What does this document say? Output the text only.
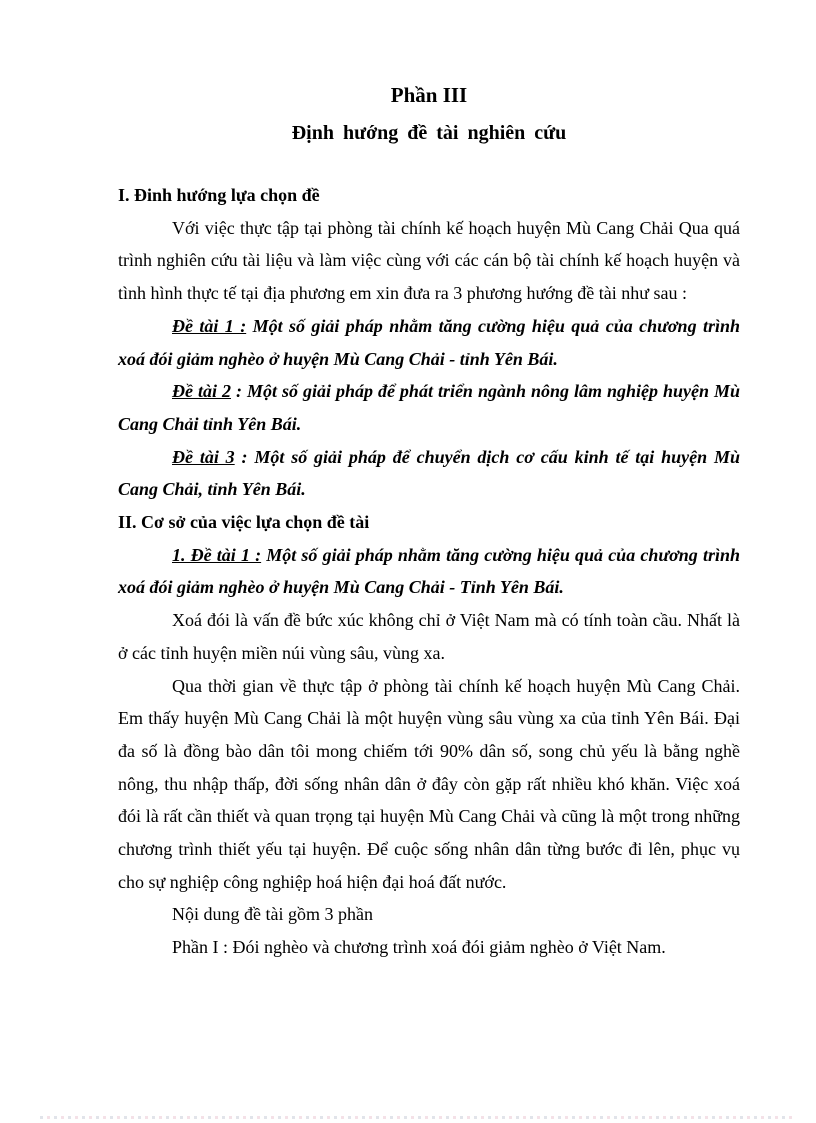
Phần III
Định hướng đề tài nghiên cứu
I. Đinh hướng lựa chọn đề

Với việc thực tập tại phòng tài chính kế hoạch huyện Mù Cang Chải Qua quá trình nghiên cứu tài liệu và làm việc cùng với các cán bộ tài chính kế hoạch huyện và tình hình thực tế tại địa phương em xin đưa ra 3 phương hướng đề tài như sau :

Đề tài 1 : Một số giải pháp nhằm tăng cường hiệu quả của chương trình xoá đói giảm nghèo ở huyện Mù Cang Chải - tỉnh Yên Bái.

Đề tài 2 : Một số giải pháp để phát triển ngành nông lâm nghiệp huyện Mù Cang Chải tỉnh Yên Bái.

Đề tài 3 : Một số giải pháp để chuyển dịch cơ cấu kinh tế tại huyện Mù Cang Chải, tỉnh Yên Bái.

II. Cơ sở của việc lựa chọn đề tài

1. Đề tài 1 : Một số giải pháp nhằm tăng cường hiệu quả của chương trình xoá đói giảm nghèo ở huyện Mù Cang Chải - Tỉnh Yên Bái.

Xoá đói là vấn đề bức xúc không chỉ ở Việt Nam mà có tính toàn cầu. Nhất là ở các tỉnh huyện miền núi vùng sâu, vùng xa.

Qua thời gian về thực tập ở phòng tài chính kế hoạch huyện Mù Cang Chải. Em thấy huyện Mù Cang Chải là một huyện vùng sâu vùng xa của tỉnh Yên Bái. Đại đa số là đồng bào dân tôi mong chiếm tới 90% dân số, song chủ yếu là bằng nghề nông, thu nhập thấp, đời sống nhân dân ở đây còn gặp rất nhiều khó khăn. Việc xoá đói là rất cần thiết và quan trọng tại huyện Mù Cang Chải và cũng là một trong những chương trình thiết yếu tại huyện. Để cuộc sống nhân dân từng bước đi lên, phục vụ cho sự nghiệp công nghiệp hoá hiện đại hoá đất nước.

Nội dung đề tài gồm 3 phần

Phần I : Đói nghèo và chương trình xoá đói giảm nghèo ở Việt Nam.
